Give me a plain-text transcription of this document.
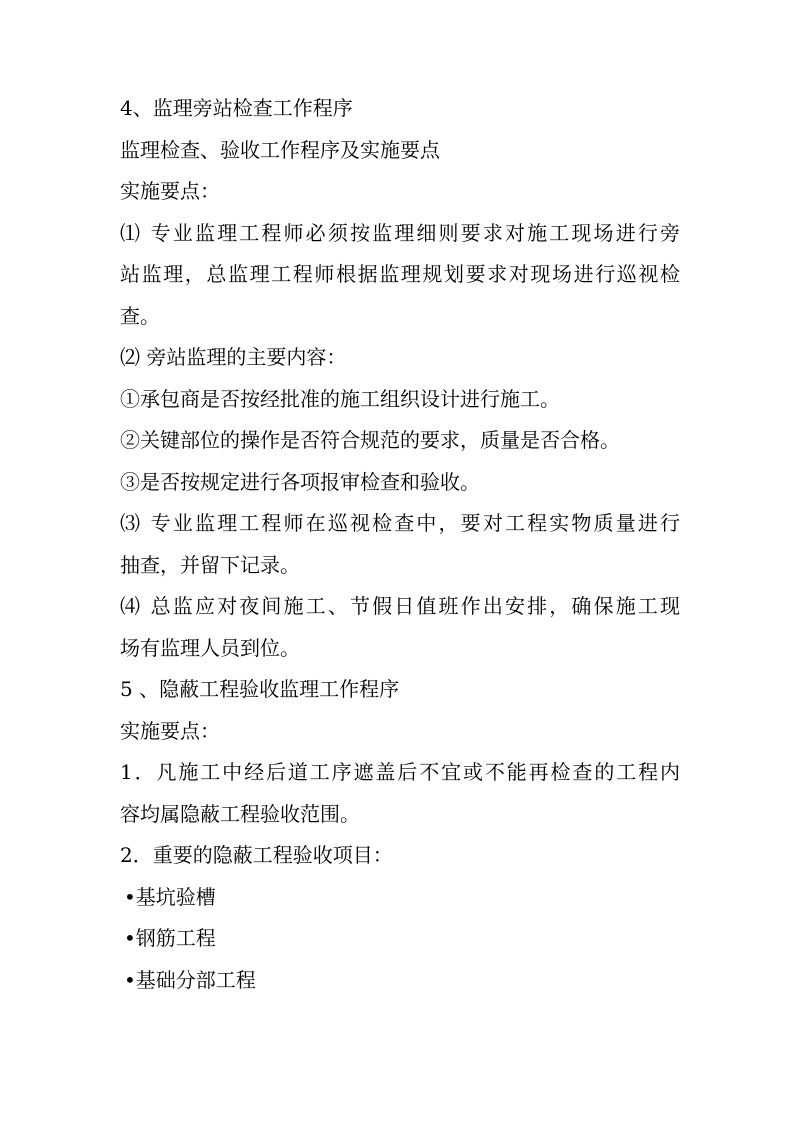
4、监理旁站检查工作程序
监理检查、验收工作程序及实施要点
实施要点：
⑴ 专业监理工程师必须按监理细则要求对施工现场进行旁
站监理，总监理工程师根据监理规划要求对现场进行巡视检
查。
⑵ 旁站监理的主要内容：
①承包商是否按经批准的施工组织设计进行施工。
②关键部位的操作是否符合规范的要求，质量是否合格。
③是否按规定进行各项报审检查和验收。
⑶ 专业监理工程师在巡视检查中，要对工程实物质量进行
抽查，并留下记录。
⑷ 总监应对夜间施工、节假日值班作出安排，确保施工现
场有监理人员到位。
5 、隐蔽工程验收监理工作程序
实施要点：
1．凡施工中经后道工序遮盖后不宜或不能再检查的工程内
容均属隐蔽工程验收范围。
2．重要的隐蔽工程验收项目：
•基坑验槽
•钢筋工程
•基础分部工程
